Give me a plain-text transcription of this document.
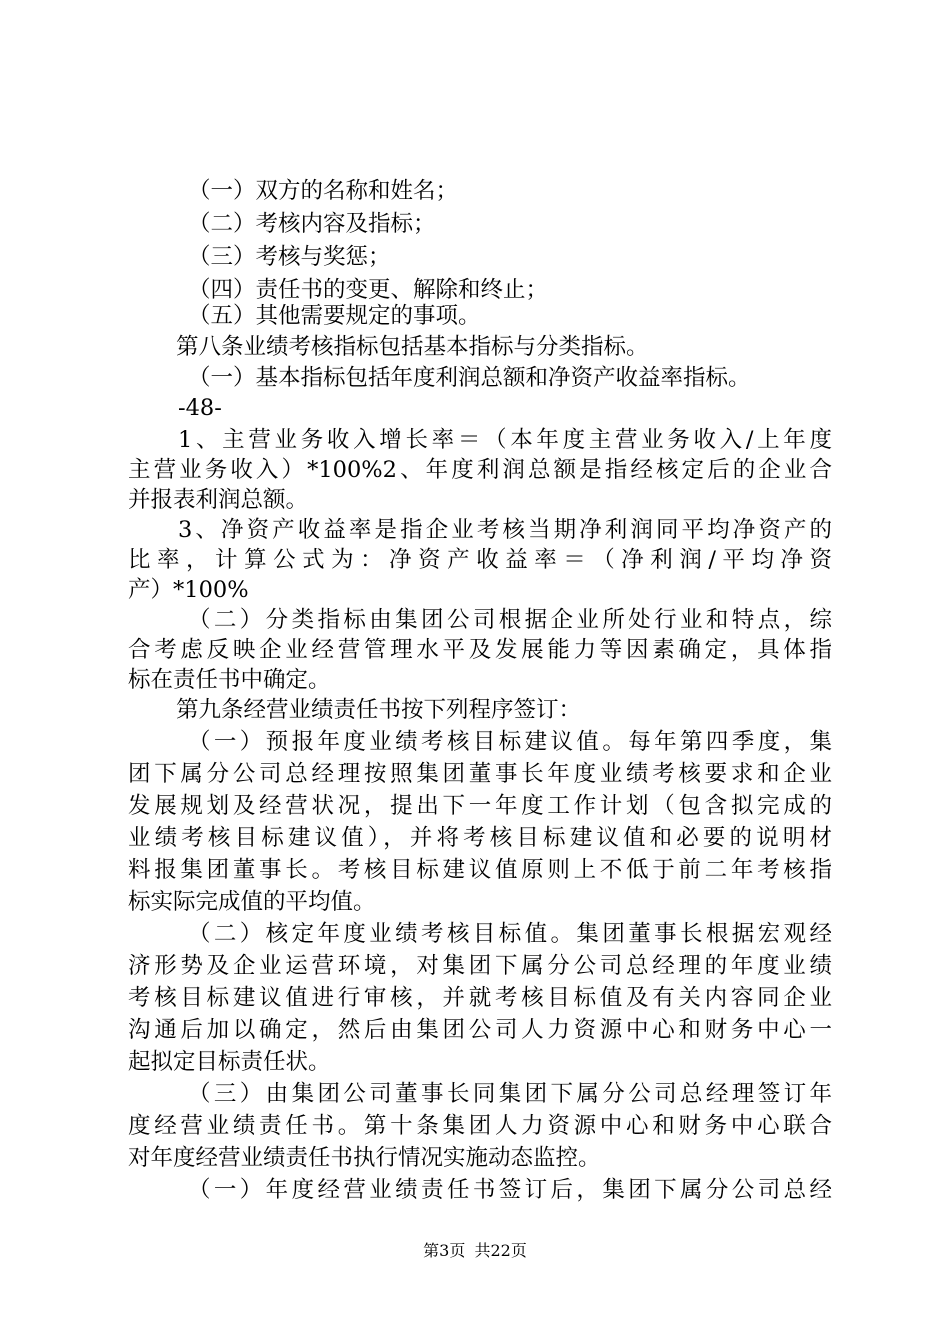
（一）双方的名称和姓名；
（二）考核内容及指标；
（三）考核与奖惩；
（四）责任书的变更、解除和终止；
（五）其他需要规定的事项。
第八条业绩考核指标包括基本指标与分类指标。
（一）基本指标包括年度利润总额和净资产收益率指标。
-48-
1、主营业务收入增长率＝（本年度主营业务收入/上年度
主营业务收入）*100%2、年度利润总额是指经核定后的企业合
并报表利润总额。
3、净资产收益率是指企业考核当期净利润同平均净资产的
比率，计算公式为：净资产收益率＝（净利润/平均净资
产）*100%
（二）分类指标由集团公司根据企业所处行业和特点，综
合考虑反映企业经营管理水平及发展能力等因素确定，具体指
标在责任书中确定。
第九条经营业绩责任书按下列程序签订：
（一）预报年度业绩考核目标建议值。每年第四季度，集
团下属分公司总经理按照集团董事长年度业绩考核要求和企业
发展规划及经营状况，提出下一年度工作计划（包含拟完成的
业绩考核目标建议值），并将考核目标建议值和必要的说明材
料报集团董事长。考核目标建议值原则上不低于前二年考核指
标实际完成值的平均值。
（二）核定年度业绩考核目标值。集团董事长根据宏观经
济形势及企业运营环境，对集团下属分公司总经理的年度业绩
考核目标建议值进行审核，并就考核目标值及有关内容同企业
沟通后加以确定，然后由集团公司人力资源中心和财务中心一
起拟定目标责任状。
（三）由集团公司董事长同集团下属分公司总经理签订年
度经营业绩责任书。第十条集团人力资源中心和财务中心联合
对年度经营业绩责任书执行情况实施动态监控。
（一）年度经营业绩责任书签订后，集团下属分公司总经
第3页 共22页
